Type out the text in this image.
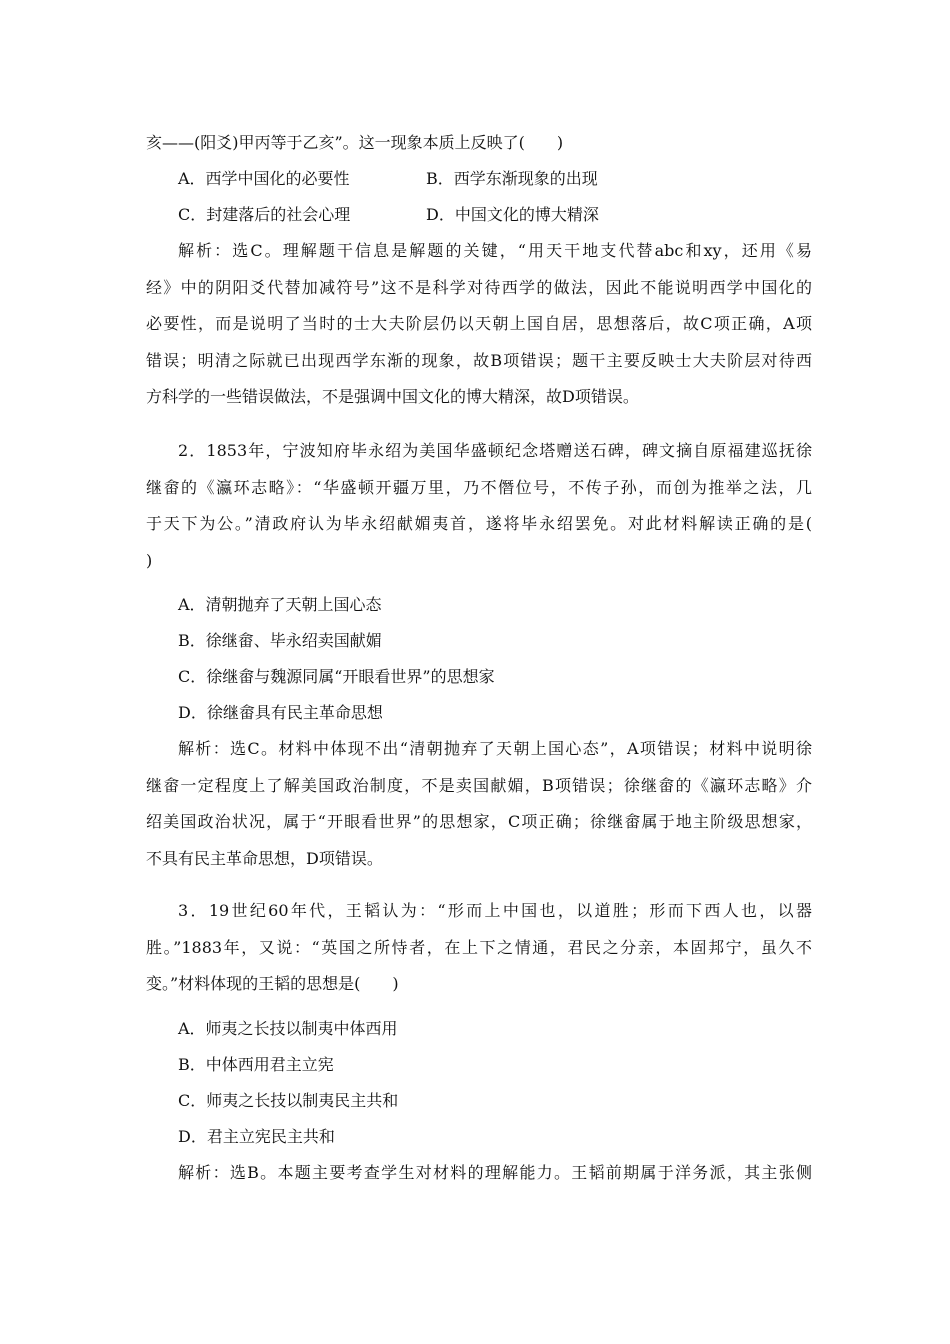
亥——(阳爻)甲丙等于乙亥”。这一现象本质上反映了(　　)
A．西学中国化的必要性	B．西学东渐现象的出现
C．封建落后的社会心理	D．中国文化的博大精深
解析：选C。理解题干信息是解题的关键，“用天干地支代替abc和xy，还用《易
经》中的阴阳爻代替加减符号”这不是科学对待西学的做法，因此不能说明西学中国化的
必要性，而是说明了当时的士大夫阶层仍以天朝上国自居，思想落后，故C项正确，A项
错误；明清之际就已出现西学东渐的现象，故B项错误；题干主要反映士大夫阶层对待西
方科学的一些错误做法，不是强调中国文化的博大精深，故D项错误。
2．1853年，宁波知府毕永绍为美国华盛顿纪念塔赠送石碑，碑文摘自原福建巡抚徐
继畲的《瀛环志略》：“华盛顿开疆万里，乃不僭位号，不传子孙，而创为推举之法，几
于天下为公。”清政府认为毕永绍献媚夷首，遂将毕永绍罢免。对此材料解读正确的是(
)
A．清朝抛弃了天朝上国心态
B．徐继畲、毕永绍卖国献媚
C．徐继畲与魏源同属“开眼看世界”的思想家
D．徐继畲具有民主革命思想
解析：选C。材料中体现不出“清朝抛弃了天朝上国心态”，A项错误；材料中说明徐
继畲一定程度上了解美国政治制度，不是卖国献媚，B项错误；徐继畲的《瀛环志略》介
绍美国政治状况，属于“开眼看世界”的思想家，C项正确；徐继畲属于地主阶级思想家，
不具有民主革命思想，D项错误。
3．19世纪60年代，王韬认为：“形而上中国也，以道胜；形而下西人也，以器
胜。”1883年，又说：“英国之所恃者，在上下之情通，君民之分亲，本固邦宁，虽久不
变。”材料体现的王韬的思想是(　　)
A．师夷之长技以制夷中体西用
B．中体西用君主立宪
C．师夷之长技以制夷民主共和
D．君主立宪民主共和
解析：选B。本题主要考查学生对材料的理解能力。王韬前期属于洋务派，其主张侧
